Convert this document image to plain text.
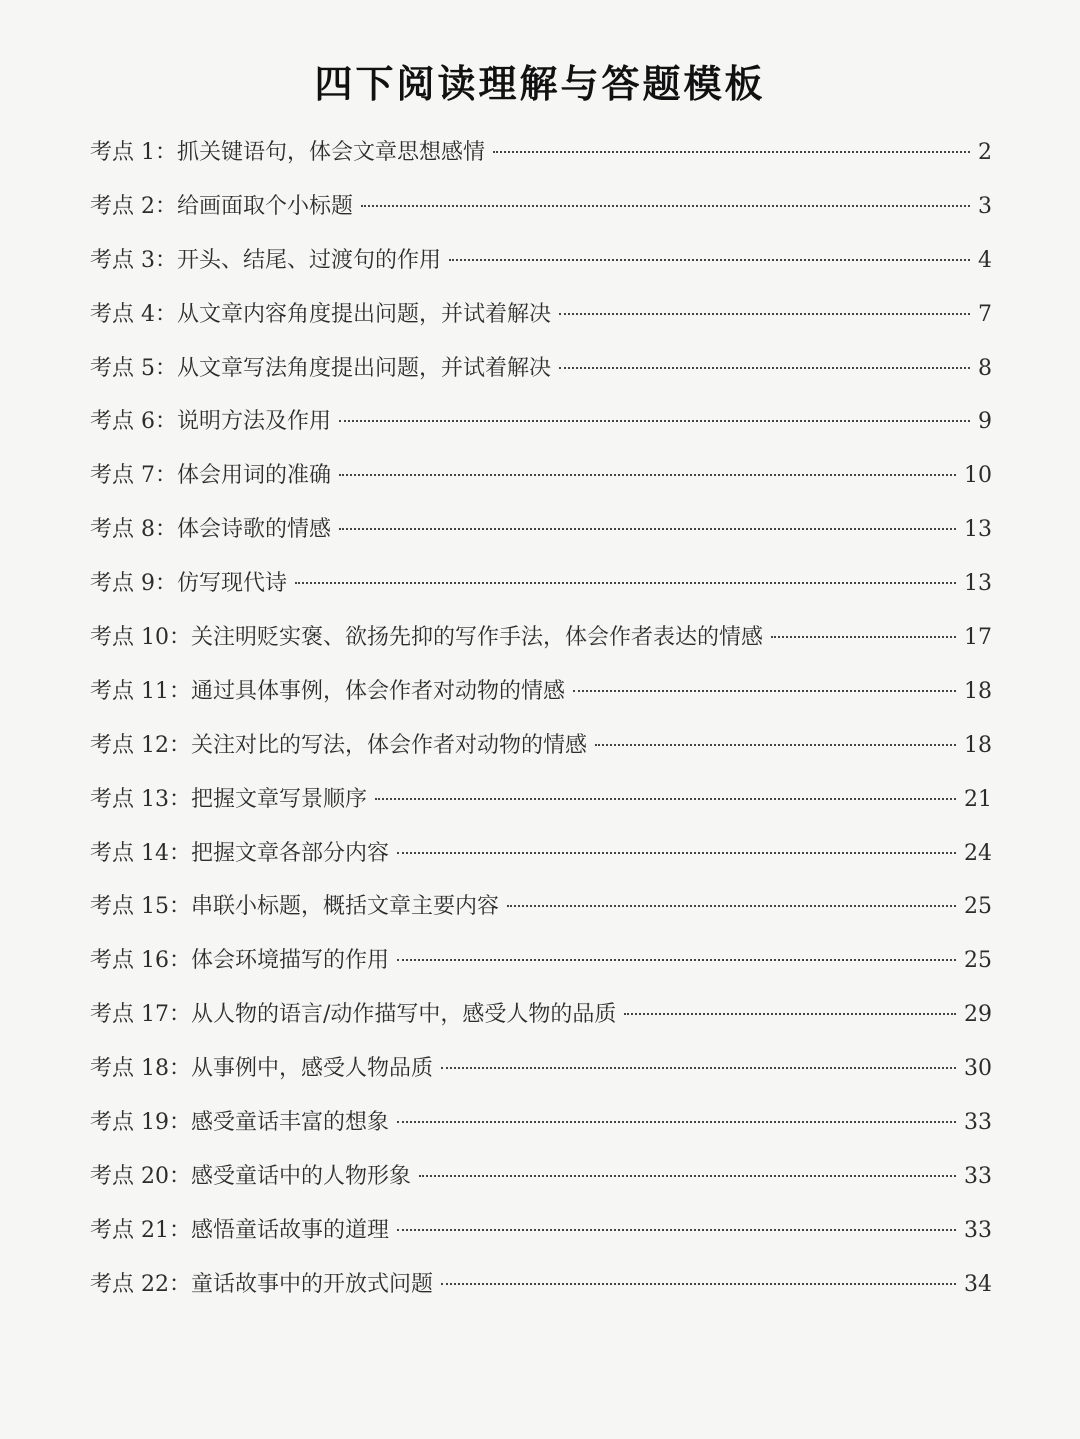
四下阅读理解与答题模板
考点 1： 抓关键语句，体会文章思想感情	2
考点 2： 给画面取个小标题	3
考点 3： 开头、结尾、过渡句的作用	4
考点 4： 从文章内容角度提出问题，并试着解决	7
考点 5： 从文章写法角度提出问题，并试着解决	8
考点 6： 说明方法及作用	9
考点 7： 体会用词的准确	10
考点 8： 体会诗歌的情感	13
考点 9： 仿写现代诗	13
考点 10： 关注明贬实褒、欲扬先抑的写作手法，体会作者表达的情感	17
考点 11： 通过具体事例，体会作者对动物的情感	18
考点 12： 关注对比的写法，体会作者对动物的情感	18
考点 13： 把握文章写景顺序	21
考点 14： 把握文章各部分内容	24
考点 15： 串联小标题，概括文章主要内容	25
考点 16： 体会环境描写的作用	25
考点 17： 从人物的语言/动作描写中，感受人物的品质	29
考点 18： 从事例中，感受人物品质	30
考点 19： 感受童话丰富的想象	33
考点 20： 感受童话中的人物形象	33
考点 21： 感悟童话故事的道理	33
考点 22： 童话故事中的开放式问题	34
